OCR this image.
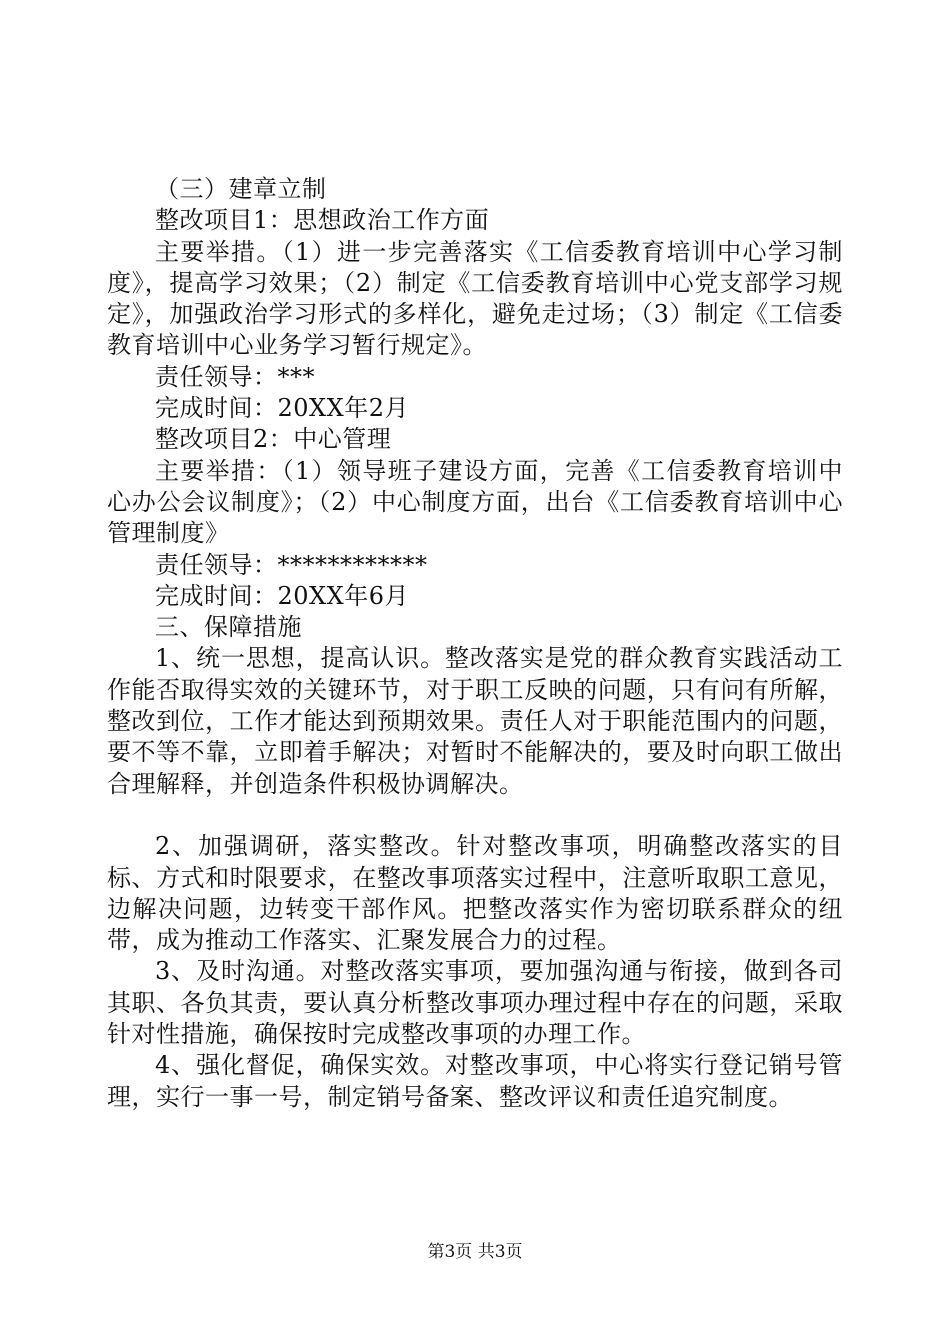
（三）建章立制

整改项目1：思想政治工作方面

主要举措。（1）进一步完善落实《工信委教育培训中心学习制度》，提高学习效果；（2）制定《工信委教育培训中心党支部学习规定》，加强政治学习形式的多样化，避免走过场；（3）制定《工信委教育培训中心业务学习暂行规定》。

责任领导：***

完成时间：20XX年2月

整改项目2：中心管理

主要举措：（1）领导班子建设方面，完善《工信委教育培训中心办公会议制度》；（2）中心制度方面，出台《工信委教育培训中心管理制度》

责任领导：************

完成时间：20XX年6月

三、保障措施

1、统一思想，提高认识。整改落实是党的群众教育实践活动工作能否取得实效的关键环节，对于职工反映的问题，只有问有所解，整改到位，工作才能达到预期效果。责任人对于职能范围内的问题，要不等不靠，立即着手解决；对暂时不能解决的，要及时向职工做出合理解释，并创造条件积极协调解决。

2、加强调研，落实整改。针对整改事项，明确整改落实的目标、方式和时限要求，在整改事项落实过程中，注意听取职工意见，边解决问题，边转变干部作风。把整改落实作为密切联系群众的纽带，成为推动工作落实、汇聚发展合力的过程。

3、及时沟通。对整改落实事项，要加强沟通与衔接，做到各司其职、各负其责，要认真分析整改事项办理过程中存在的问题，采取针对性措施，确保按时完成整改事项的办理工作。

4、强化督促，确保实效。对整改事项，中心将实行登记销号管理，实行一事一号，制定销号备案、整改评议和责任追究制度。

第3页 共3页
